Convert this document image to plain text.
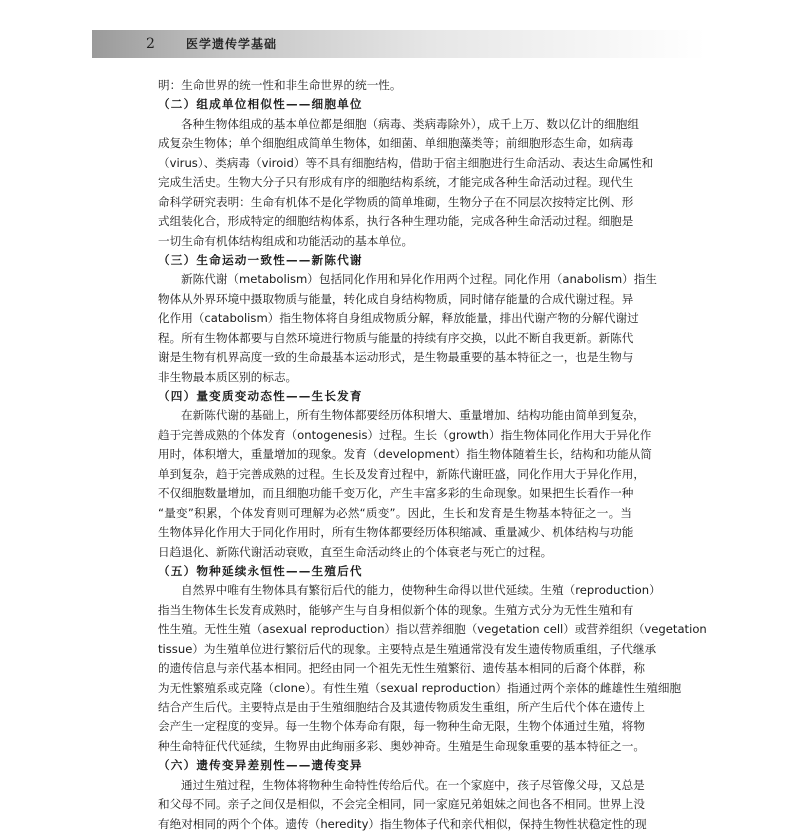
2	医学遗传学基础
明：生命世界的统一性和非生命世界的统一性。
（二）组成单位相似性——细胞单位
各种生物体组成的基本单位都是细胞（病毒、类病毒除外），成千上万、数以亿计的细胞组
成复杂生物体；单个细胞组成简单生物体，如细菌、单细胞藻类等；前细胞形态生命，如病毒
（virus）、类病毒（viroid）等不具有细胞结构，借助于宿主细胞进行生命活动、表达生命属性和
完成生活史。生物大分子只有形成有序的细胞结构系统，才能完成各种生命活动过程。现代生
命科学研究表明：生命有机体不是化学物质的简单堆砌，生物分子在不同层次按特定比例、形
式组装化合，形成特定的细胞结构体系，执行各种生理功能，完成各种生命活动过程。细胞是
一切生命有机体结构组成和功能活动的基本单位。
（三）生命运动一致性——新陈代谢
新陈代谢（metabolism）包括同化作用和异化作用两个过程。同化作用（anabolism）指生
物体从外界环境中摄取物质与能量，转化成自身结构物质，同时储存能量的合成代谢过程。异
化作用（catabolism）指生物体将自身组成物质分解，释放能量，排出代谢产物的分解代谢过
程。所有生物体都要与自然环境进行物质与能量的持续有序交换，以此不断自我更新。新陈代
谢是生物有机界高度一致的生命最基本运动形式，是生物最重要的基本特征之一，也是生物与
非生物最本质区别的标志。
（四）量变质变动态性——生长发育
在新陈代谢的基础上，所有生物体都要经历体积增大、重量增加、结构功能由简单到复杂，
趋于完善成熟的个体发育（ontogenesis）过程。生长（growth）指生物体同化作用大于异化作
用时，体积增大，重量增加的现象。发育（development）指生物体随着生长，结构和功能从简
单到复杂，趋于完善成熟的过程。生长及发育过程中，新陈代谢旺盛，同化作用大于异化作用，
不仅细胞数量增加，而且细胞功能千变万化，产生丰富多彩的生命现象。如果把生长看作一种
“量变”积累，个体发育则可理解为必然“质变”。因此，生长和发育是生物基本特征之一。当
生物体异化作用大于同化作用时，所有生物体都要经历体积缩减、重量减少、机体结构与功能
日趋退化、新陈代谢活动衰败，直至生命活动终止的个体衰老与死亡的过程。
（五）物种延续永恒性——生殖后代
自然界中唯有生物体具有繁衍后代的能力，使物种生命得以世代延续。生殖（reproduction）
指当生物体生长发育成熟时，能够产生与自身相似新个体的现象。生殖方式分为无性生殖和有
性生殖。无性生殖（asexual reproduction）指以营养细胞（vegetation cell）或营养组织（vegetation
tissue）为生殖单位进行繁衍后代的现象。主要特点是生殖通常没有发生遗传物质重组，子代继承
的遗传信息与亲代基本相同。把经由同一个祖先无性生殖繁衍、遗传基本相同的后裔个体群，称
为无性繁殖系或克隆（clone）。有性生殖（sexual reproduction）指通过两个亲体的雌雄性生殖细胞
结合产生后代。主要特点是由于生殖细胞结合及其遗传物质发生重组，所产生后代个体在遗传上
会产生一定程度的变异。每一生物个体寿命有限，每一物种生命无限，生物个体通过生殖，将物
种生命特征代代延续，生物界由此绚丽多彩、奥妙神奇。生殖是生命现象重要的基本特征之一。
（六）遗传变异差别性——遗传变异
通过生殖过程，生物体将物种生命特性传给后代。在一个家庭中，孩子尽管像父母，又总是
和父母不同。亲子之间仅是相似，不会完全相同，同一家庭兄弟姐妹之间也各不相同。世界上没
有绝对相同的两个个体。遗传（heredity）指生物体子代和亲代相似，保持生物性状稳定性的现
